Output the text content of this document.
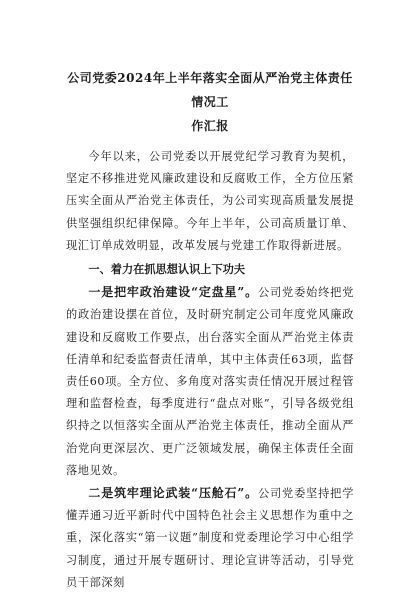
公司党委2024年上半年落实全面从严治党主体责任情况工
作汇报

今年以来，公司党委以开展党纪学习教育为契机，坚定不移推进党风廉政建设和反腐败工作，全方位压紧压实全面从严治党主体责任，为公司实现高质量发展提供坚强组织纪律保障。今年上半年，公司高质量订单、现汇订单成效明显，改革发展与党建工作取得新进展。

一、着力在抓思想认识上下功夫

一是把牢政治建设“定盘星”。公司党委始终把党的政治建设摆在首位，及时研究制定公司年度党风廉政建设和反腐败工作要点，出台落实全面从严治党主体责任清单和纪委监督责任清单，其中主体责任63项，监督责任60项。全方位、多角度对落实责任情况开展过程管理和监督检查，每季度进行“盘点对账”，引导各级党组织持之以恒落实全面从严治党主体责任，推动全面从严治党向更深层次、更广泛领域发展，确保主体责任全面落地见效。

二是筑牢理论武装“压舱石”。公司党委坚持把学懂弄通习近平新时代中国特色社会主义思想作为重中之重，深化落实“第一议题”制度和党委理论学习中心组学习制度，通过开展专题研讨、理论宣讲等活动，引导党员干部深刻
